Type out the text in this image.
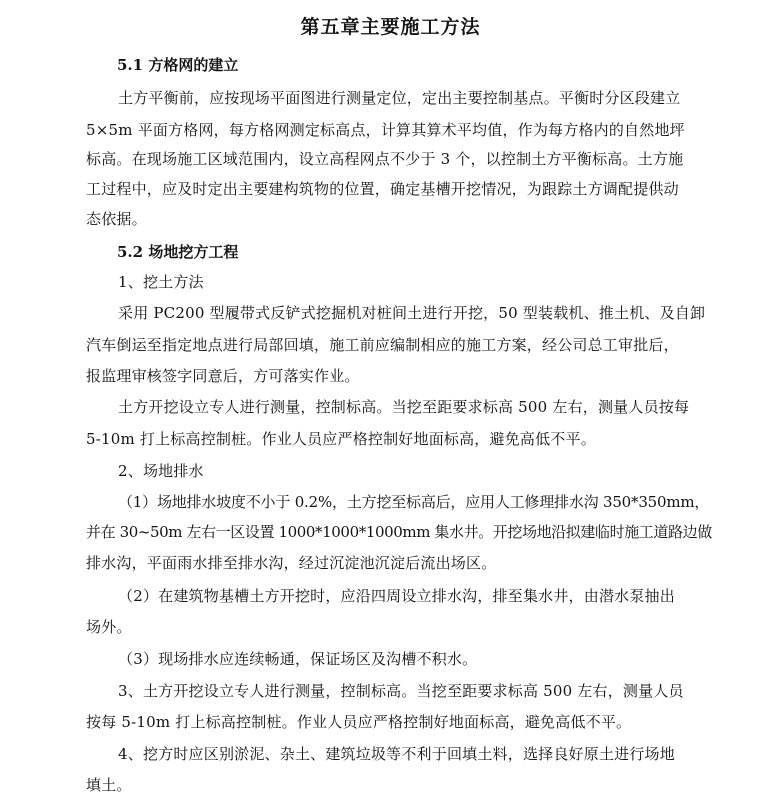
第五章主要施工方法
5.1 方格网的建立
土方平衡前，应按现场平面图进行测量定位，定出主要控制基点。平衡时分区段建立
5×5m 平面方格网，每方格网测定标高点，计算其算术平均值，作为每方格内的自然地坪
标高。在现场施工区域范围内，设立高程网点不少于 3 个，以控制土方平衡标高。土方施
工过程中，应及时定出主要建构筑物的位置，确定基槽开挖情况，为跟踪土方调配提供动
态依据。
5.2 场地挖方工程
1、挖土方法
采用 PC200 型履带式反铲式挖掘机对桩间土进行开挖，50 型装载机、推土机、及自卸
汽车倒运至指定地点进行局部回填，施工前应编制相应的施工方案，经公司总工审批后，
报监理审核签字同意后，方可落实作业。
土方开挖设立专人进行测量，控制标高。当挖至距要求标高 500 左右，测量人员按每
5-10m 打上标高控制桩。作业人员应严格控制好地面标高，避免高低不平。
2、场地排水
（1）场地排水坡度不小于 0.2%，土方挖至标高后，应用人工修理排水沟 350*350mm，
并在 30~50m 左右一区设置 1000*1000*1000mm 集水井。开挖场地沿拟建临时施工道路边做
排水沟，平面雨水排至排水沟，经过沉淀池沉淀后流出场区。
（2）在建筑物基槽土方开挖时，应沿四周设立排水沟，排至集水井，由潜水泵抽出
场外。
（3）现场排水应连续畅通，保证场区及沟槽不积水。
3、土方开挖设立专人进行测量，控制标高。当挖至距要求标高 500 左右，测量人员
按每 5-10m 打上标高控制桩。作业人员应严格控制好地面标高，避免高低不平。
4、挖方时应区别淤泥、杂土、建筑垃圾等不利于回填土料，选择良好原土进行场地
填土。
